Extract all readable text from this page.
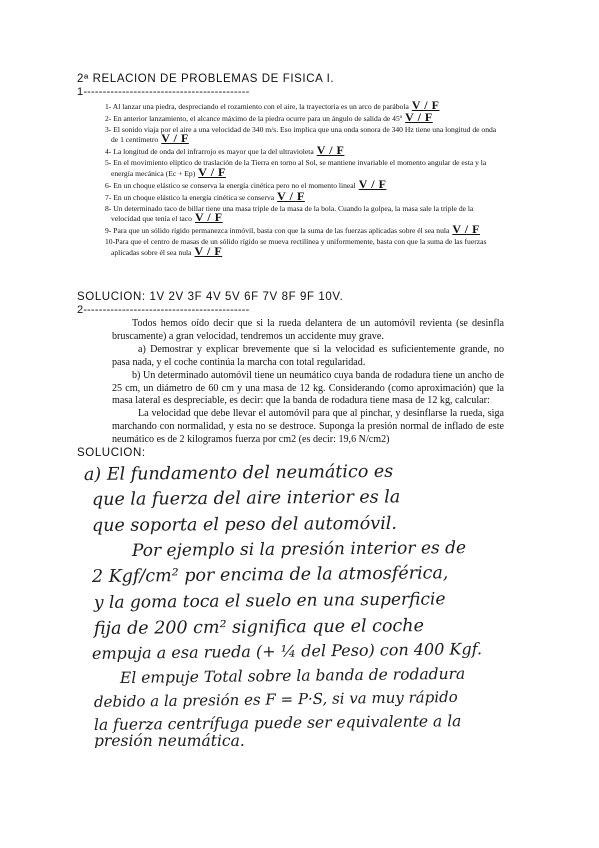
2ª RELACION DE PROBLEMAS DE FISICA I.
1-------------------------------------------
1- Al lanzar una piedra, despreciando el rozamiento con el aire, la trayectoria es un arco de parábola V / F
2- En anterior lanzamiento, el alcance máximo de la piedra ocurre para un ángulo de salida de 45º V / F
3- El sonido viaja por el aire a una velocidad de 340 m/s. Eso implica que una onda sonora de 340 Hz tiene una longitud de onda de 1 centímetro V / F
4- La longitud de onda del infrarrojo es mayor que la del ultravioleta V / F
5- En el movimiento elíptico de traslación de la Tierra en torno al Sol, se mantiene invariable el momento angular de esta y la energía mecánica (Ec + Ep) V / F
6- En un choque elástico se conserva la energía cinética pero no el momento lineal V / F
7- En un choque elástico la energía cinética se conserva V / F
8- Un determinado taco de billar tiene una masa triple de la masa de la bola. Cuando la golpea, la masa sale la triple de la velocidad que tenía el taco V / F
9- Para que un sólido rígido permanezca inmóvil, basta con que la suma de las fuerzas aplicadas sobre él sea nula V / F
10-Para que el centro de masas de un sólido rígido se mueva rectilínea y uniformemente, basta con que la suma de las fuerzas aplicadas sobre él sea nula V / F
SOLUCION: 1V 2V 3F 4V 5V 6F 7V 8F 9F 10V.
2-------------------------------------------

Todos hemos oído decir que si la rueda delantera de un automóvil revienta (se desinfla bruscamente) a gran velocidad, tendremos un accidente muy grave.

a) Demostrar y explicar brevemente que si la velocidad es suficientemente grande, no pasa nada, y el coche continúa la marcha con total regularidad.

b) Un determinado automóvil tiene un neumático cuya banda de rodadura tiene un ancho de 25 cm, un diámetro de 60 cm y una masa de 12 kg. Considerando (como aproximación) que la masa lateral es despreciable, es decir: que la banda de rodadura tiene masa de 12 kg, calcular:

La velocidad que debe llevar el automóvil para que al pinchar, y desinflarse la rueda, siga marchando con normalidad, y esta no se destroce. Suponga la presión normal de inflado de este neumático es de 2 kilogramos fuerza por cm2 (es decir: 19,6 N/cm2)

SOLUCION:
a) El fundamento del neumático es
que la fuerza del aire interior es la
que soporta el peso del automóvil.
Por ejemplo si la presión interior es de
2 Kgf/cm² por encima de la atmosférica,
y la goma toca el suelo en una superficie
fija de 200 cm² significa que el coche
empuja a esa rueda (+ ¼ del Peso) con 400 Kgf.
El empuje Total sobre la banda de rodadura
debido a la presión es F = P·S, si va muy rápido
la fuerza centrífuga puede ser equivalente a la
presión neumática.
